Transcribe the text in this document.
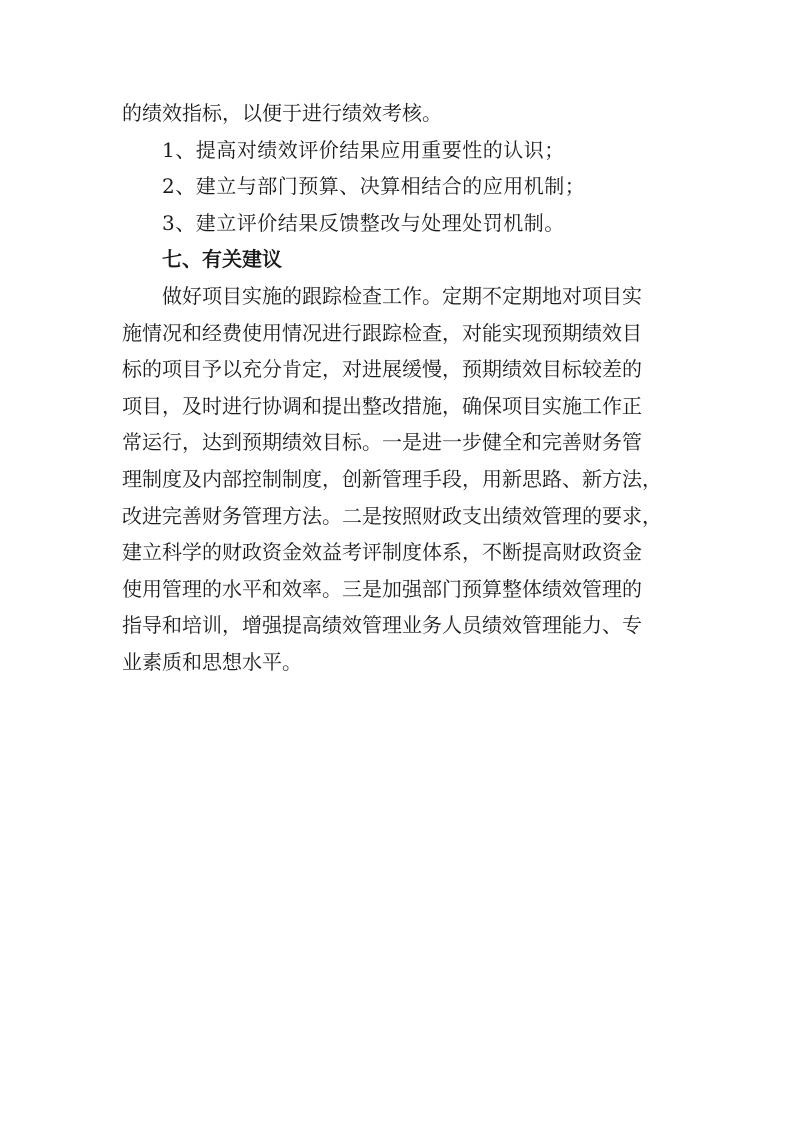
的绩效指标，以便于进行绩效考核。
1、提高对绩效评价结果应用重要性的认识；
2、建立与部门预算、决算相结合的应用机制；
3、建立评价结果反馈整改与处理处罚机制。
七、有关建议
做好项目实施的跟踪检查工作。定期不定期地对项目实
施情况和经费使用情况进行跟踪检查，对能实现预期绩效目
标的项目予以充分肯定，对进展缓慢，预期绩效目标较差的
项目，及时进行协调和提出整改措施，确保项目实施工作正
常运行，达到预期绩效目标。一是进一步健全和完善财务管
理制度及内部控制制度，创新管理手段，用新思路、新方法，
改进完善财务管理方法。二是按照财政支出绩效管理的要求，
建立科学的财政资金效益考评制度体系，不断提高财政资金
使用管理的水平和效率。三是加强部门预算整体绩效管理的
指导和培训，增强提高绩效管理业务人员绩效管理能力、专
业素质和思想水平。
